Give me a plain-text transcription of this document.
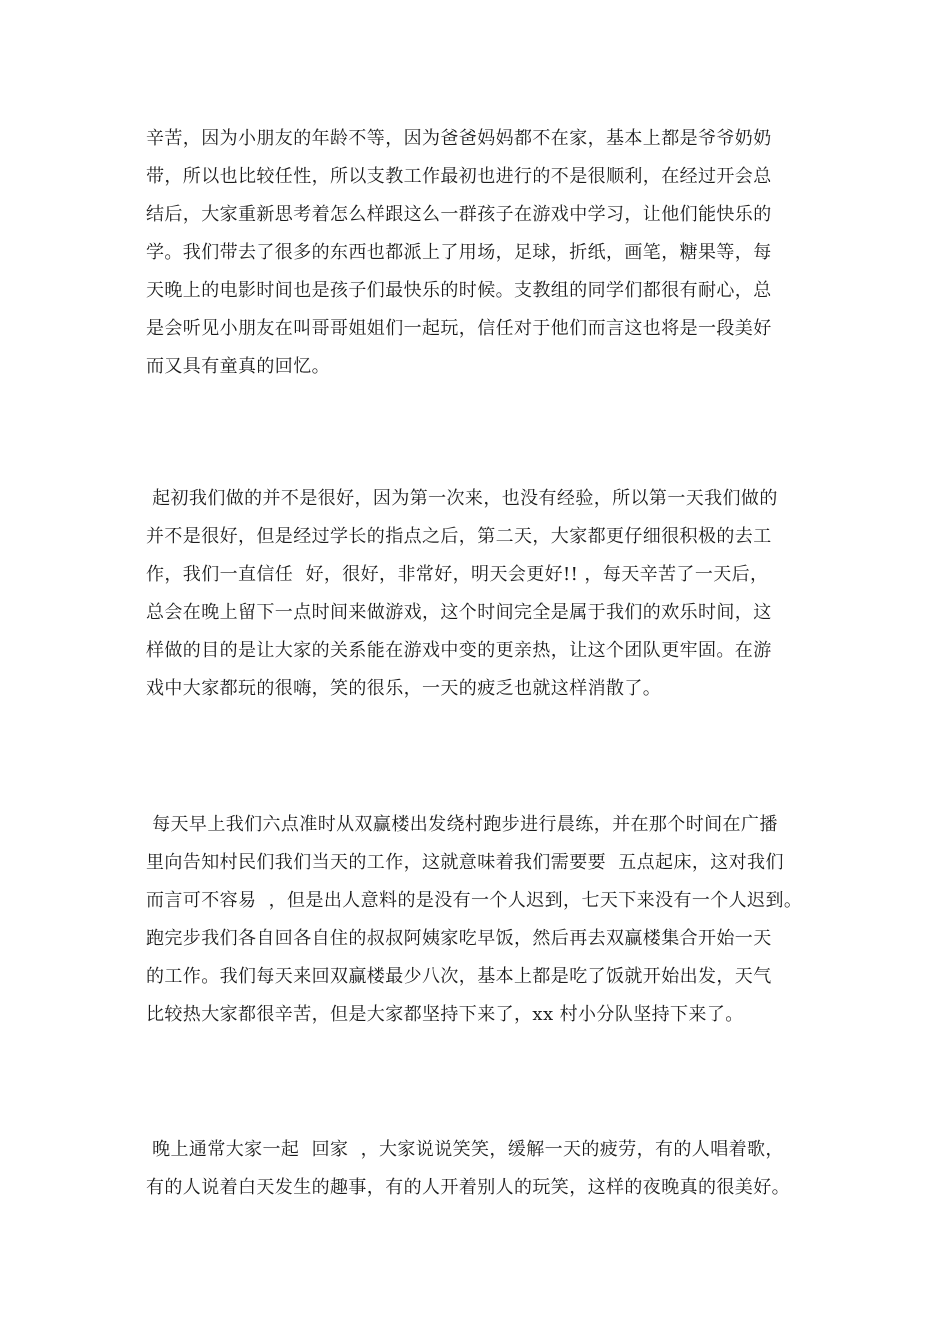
辛苦，因为小朋友的年龄不等，因为爸爸妈妈都不在家，基本上都是爷爷奶奶
带，所以也比较任性，所以支教工作最初也进行的不是很顺利，在经过开会总
结后，大家重新思考着怎么样跟这么一群孩子在游戏中学习，让他们能快乐的
学。我们带去了很多的东西也都派上了用场，足球，折纸，画笔，糖果等，每
天晚上的电影时间也是孩子们最快乐的时候。支教组的同学们都很有耐心，总
是会听见小朋友在叫哥哥姐姐们一起玩，信任对于他们而言这也将是一段美好
而又具有童真的回忆。
起初我们做的并不是很好，因为第一次来，也没有经验，所以第一天我们做的
并不是很好，但是经过学长的指点之后，第二天，大家都更仔细很积极的去工
作，我们一直信任  好，很好，非常好，明天会更好!! ，每天辛苦了一天后，
总会在晚上留下一点时间来做游戏，这个时间完全是属于我们的欢乐时间，这
样做的目的是让大家的关系能在游戏中变的更亲热，让这个团队更牢固。在游
戏中大家都玩的很嗨，笑的很乐，一天的疲乏也就这样消散了。
每天早上我们六点准时从双赢楼出发绕村跑步进行晨练，并在那个时间在广播
里向告知村民们我们当天的工作，这就意味着我们需要要  五点起床，这对我们
而言可不容易  ，但是出人意料的是没有一个人迟到，七天下来没有一个人迟到。
跑完步我们各自回各自住的叔叔阿姨家吃早饭，然后再去双赢楼集合开始一天
的工作。我们每天来回双赢楼最少八次，基本上都是吃了饭就开始出发，天气
比较热大家都很辛苦，但是大家都坚持下来了，xx 村小分队坚持下来了。
晚上通常大家一起  回家  ，大家说说笑笑，缓解一天的疲劳，有的人唱着歌，
有的人说着白天发生的趣事，有的人开着别人的玩笑，这样的夜晚真的很美好。
